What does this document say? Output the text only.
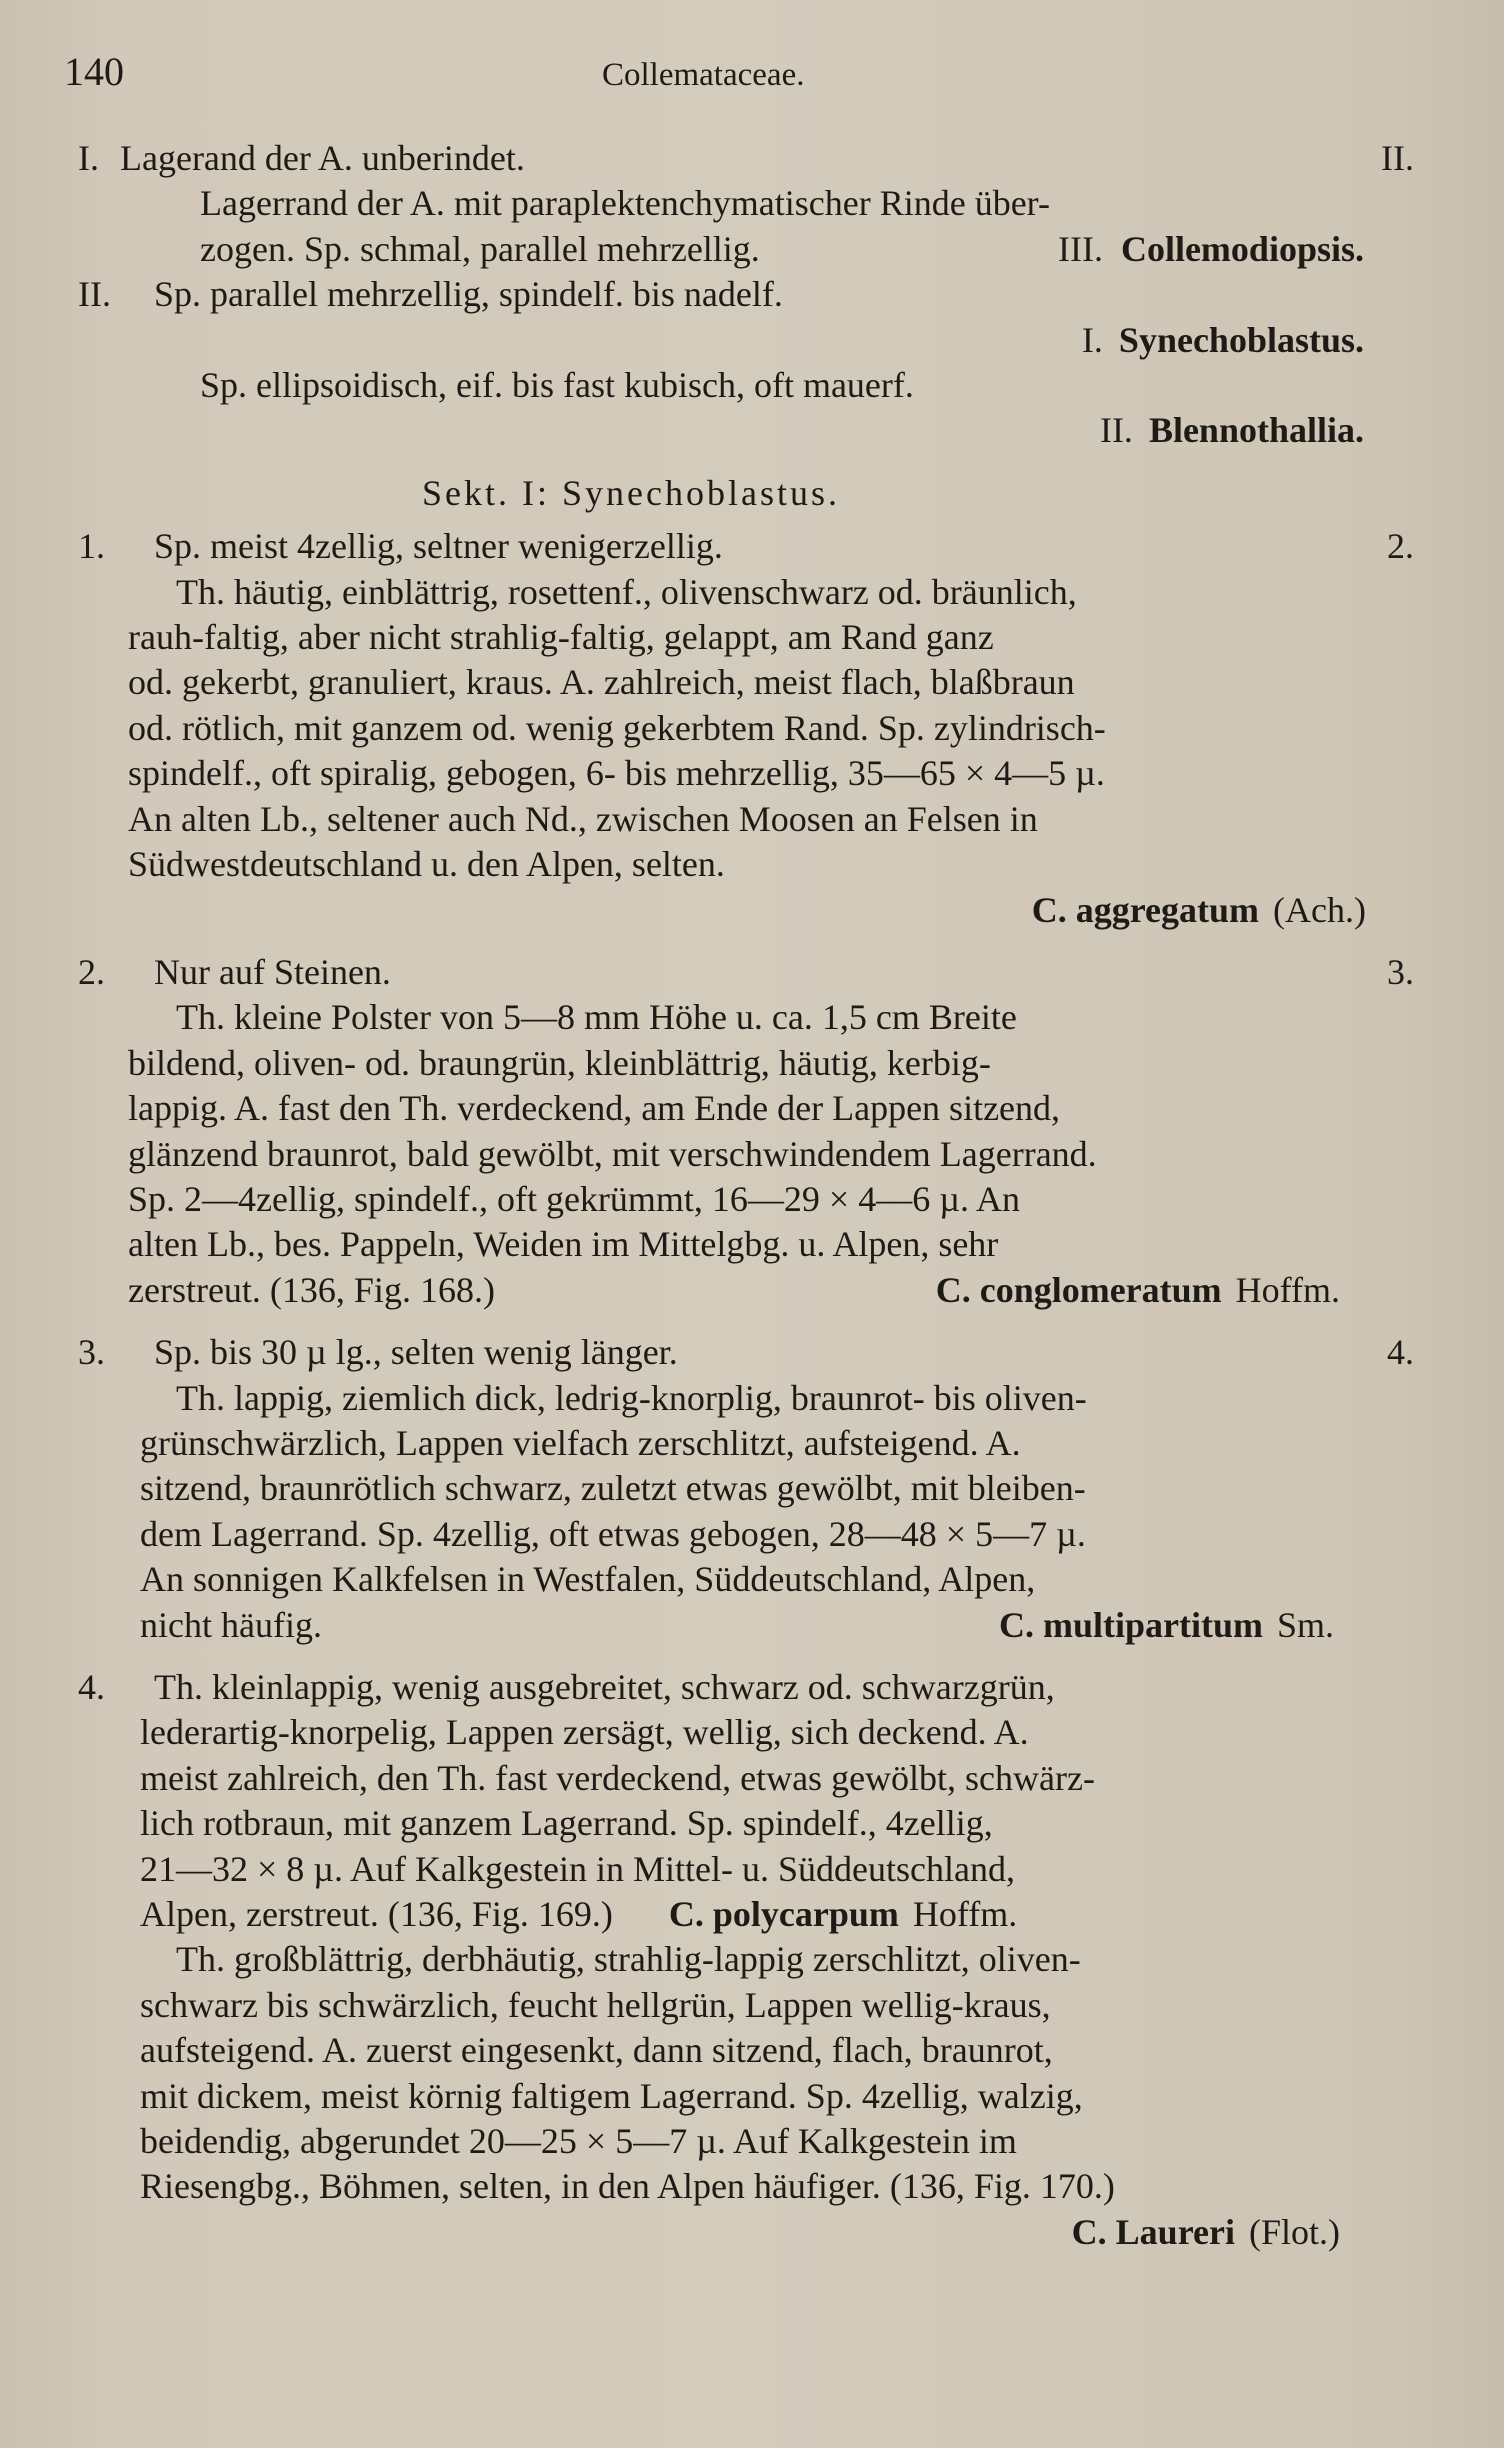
140	Collemataceae.
I. Lagerand der A. unberindet.	II.
Lagerrand der A. mit paraplektenchymatischer Rinde über-
zogen. Sp. schmal, parallel mehrzellig.	III. Collemodiopsis.
II.	Sp. parallel mehrzellig, spindelf. bis nadelf.
I. Synechoblastus.
Sp. ellipsoidisch, eif. bis fast kubisch, oft mauerf.
II. Blennothallia.
Sekt. I: Synechoblastus.
1.	Sp. meist 4zellig, seltner wenigerzellig.	2.
Th. häutig, einblättrig, rosettenf., olivenschwarz od. bräunlich,
rauh-faltig, aber nicht strahlig-faltig, gelappt, am Rand ganz
od. gekerbt, granuliert, kraus. A. zahlreich, meist flach, blaßbraun
od. rötlich, mit ganzem od. wenig gekerbtem Rand. Sp. zylindrisch-
spindelf., oft spiralig, gebogen, 6- bis mehrzellig, 35—65 × 4—5 µ.
An alten Lb., seltener auch Nd., zwischen Moosen an Felsen in
Südwestdeutschland u. den Alpen, selten.
C. aggregatum (Ach.)
2.	Nur auf Steinen.	3.
Th. kleine Polster von 5—8 mm Höhe u. ca. 1,5 cm Breite
bildend, oliven- od. braungrün, kleinblättrig, häutig, kerbig-
lappig. A. fast den Th. verdeckend, am Ende der Lappen sitzend,
glänzend braunrot, bald gewölbt, mit verschwindendem Lagerrand.
Sp. 2—4zellig, spindelf., oft gekrümmt, 16—29 × 4—6 µ. An
alten Lb., bes. Pappeln, Weiden im Mittelgbg. u. Alpen, sehr
zerstreut. (136, Fig. 168.)	C. conglomeratum Hoffm.
3.	Sp. bis 30 µ lg., selten wenig länger.	4.
Th. lappig, ziemlich dick, ledrig-knorplig, braunrot- bis oliven-
grünschwärzlich, Lappen vielfach zerschlitzt, aufsteigend. A.
sitzend, braunrötlich schwarz, zuletzt etwas gewölbt, mit bleiben-
dem Lagerrand. Sp. 4zellig, oft etwas gebogen, 28—48 × 5—7 µ.
An sonnigen Kalkfelsen in Westfalen, Süddeutschland, Alpen,
nicht häufig.	C. multipartitum Sm.
4.	Th. kleinlappig, wenig ausgebreitet, schwarz od. schwarzgrün,
lederartig-knorpelig, Lappen zersägt, wellig, sich deckend. A.
meist zahlreich, den Th. fast verdeckend, etwas gewölbt, schwärz-
lich rotbraun, mit ganzem Lagerrand. Sp. spindelf., 4zellig,
21—32 × 8 µ. Auf Kalkgestein in Mittel- u. Süddeutschland,
Alpen, zerstreut. (136, Fig. 169.) C. polycarpum Hoffm.
Th. großblättrig, derbhäutig, strahlig-lappig zerschlitzt, oliven-
schwarz bis schwärzlich, feucht hellgrün, Lappen wellig-kraus,
aufsteigend. A. zuerst eingesenkt, dann sitzend, flach, braunrot,
mit dickem, meist körnig faltigem Lagerrand. Sp. 4zellig, walzig,
beidendig, abgerundet 20—25 × 5—7 µ. Auf Kalkgestein im
Riesengbg., Böhmen, selten, in den Alpen häufiger. (136, Fig. 170.)
C. Laureri (Flot.)
